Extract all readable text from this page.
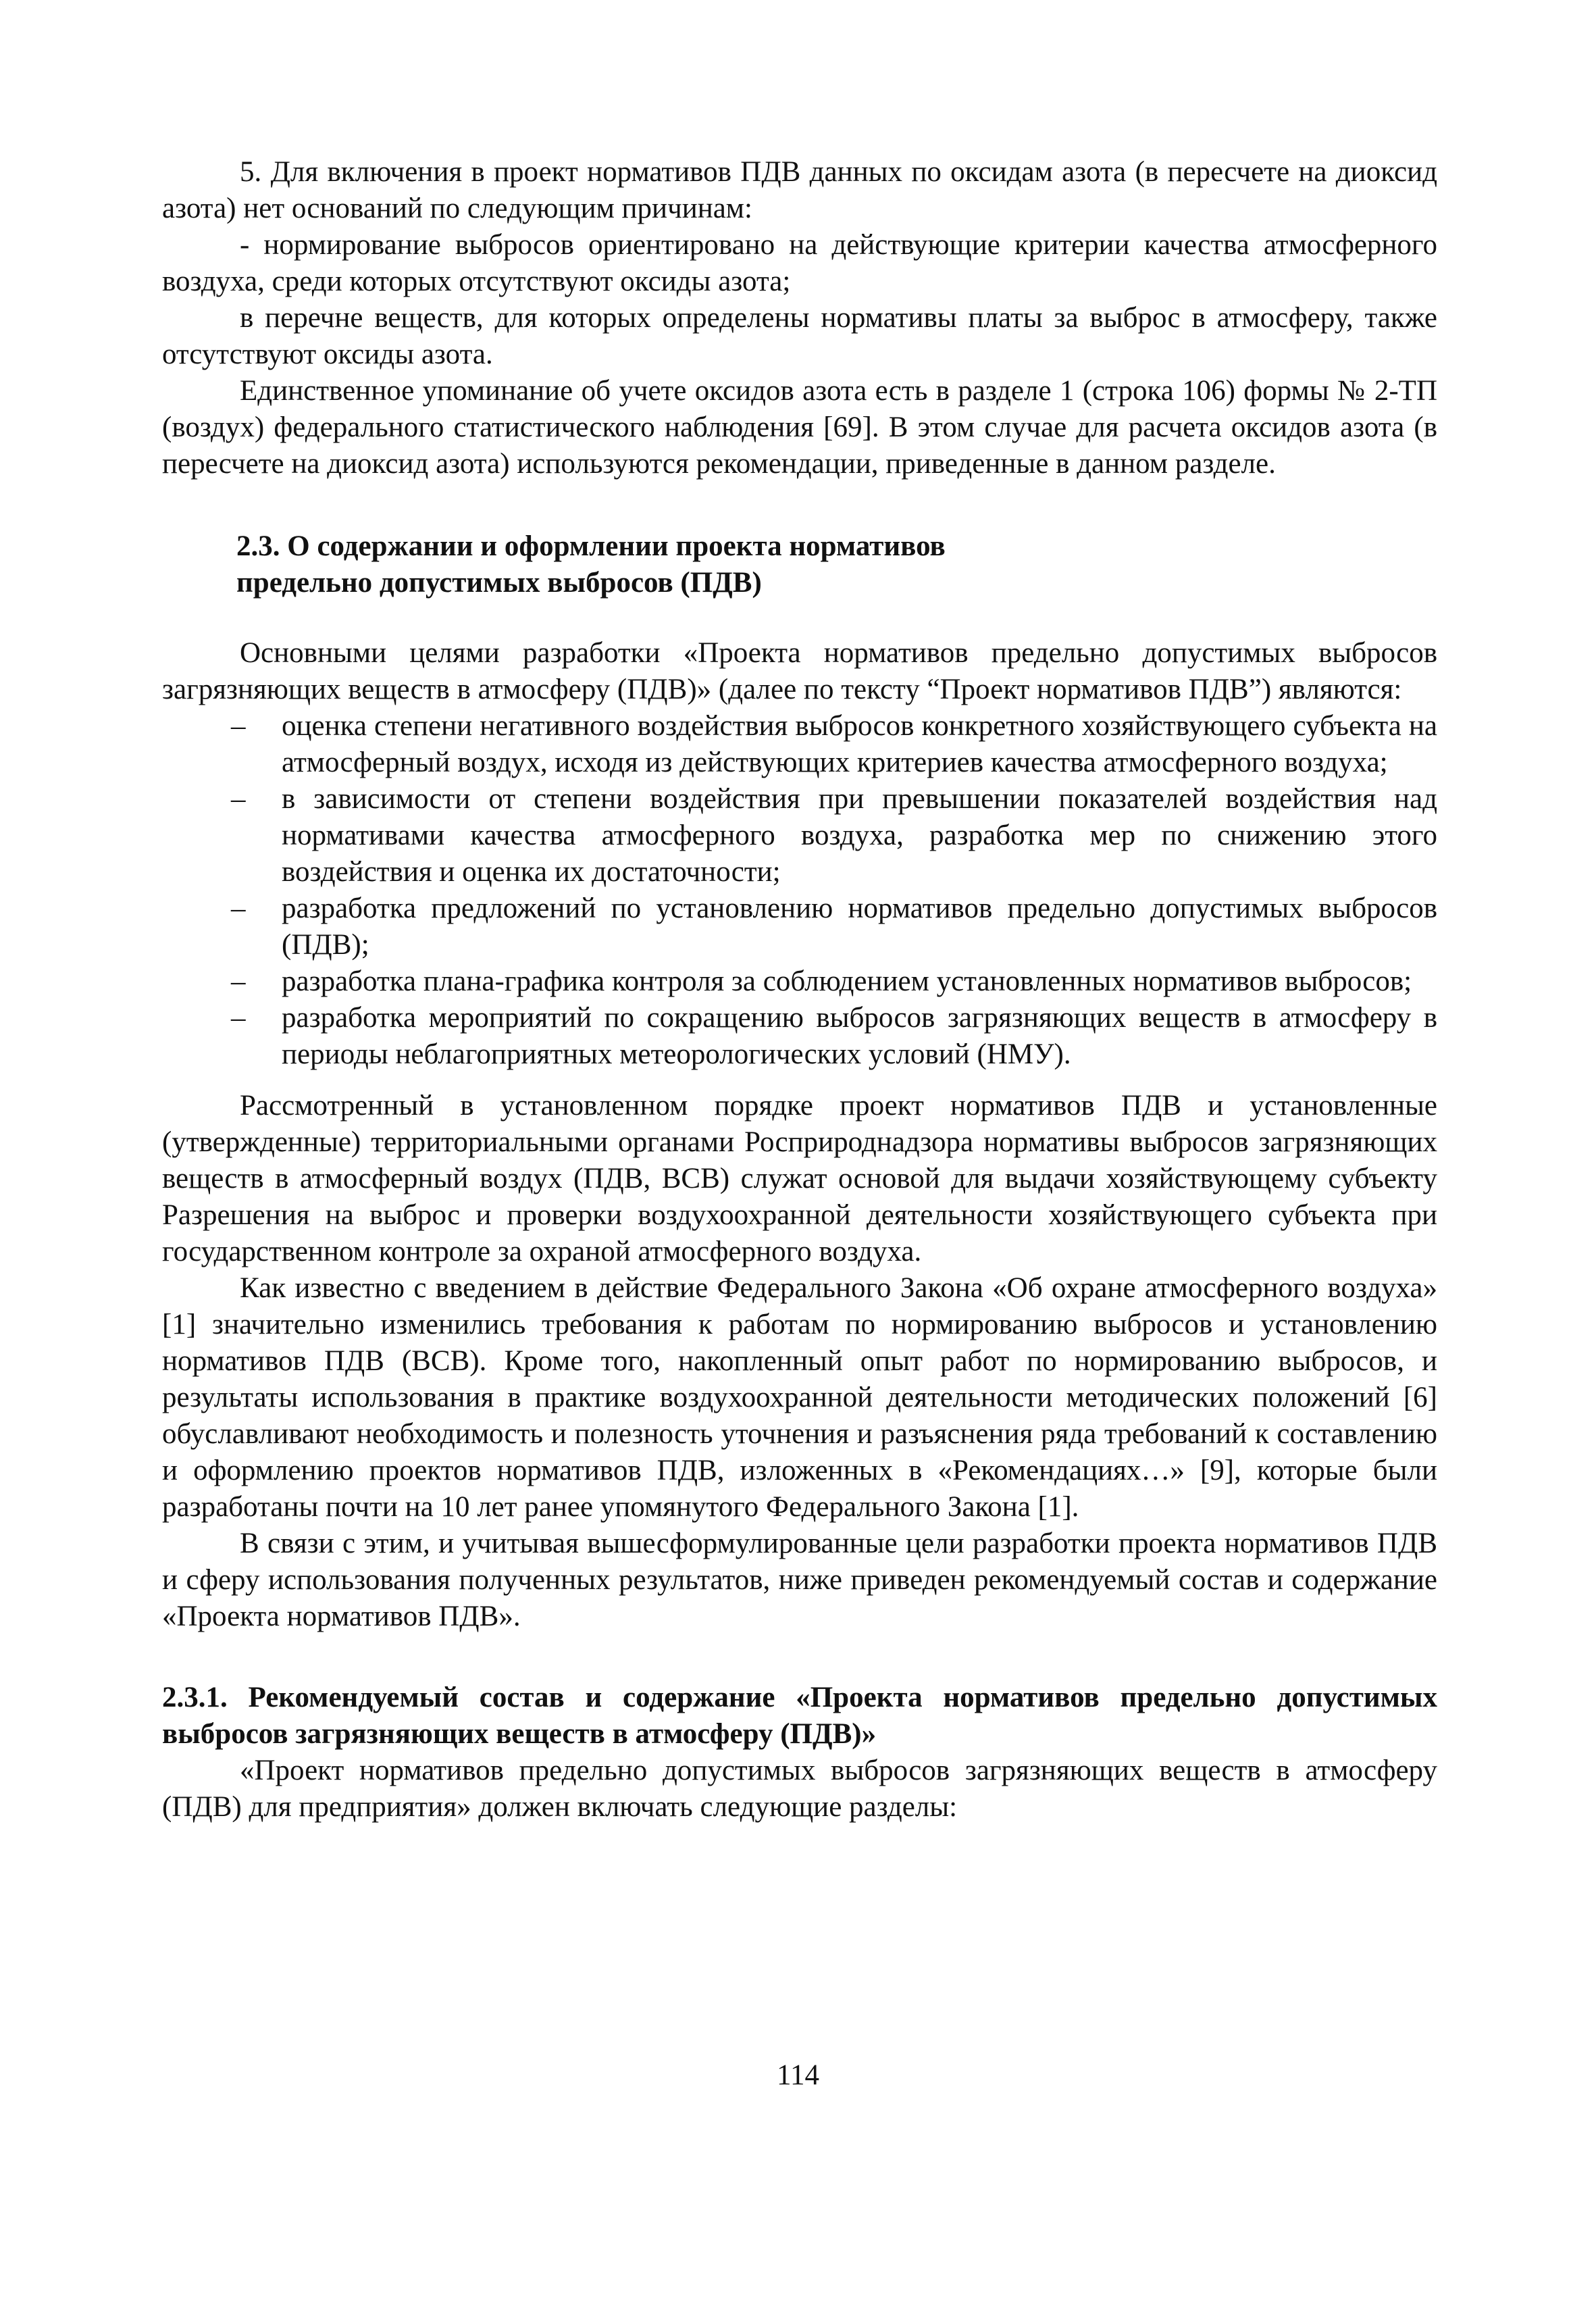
5. Для включения в проект нормативов ПДВ данных по оксидам азота (в пересчете на диоксид азота) нет оснований по следующим причинам:

- нормирование выбросов ориентировано на действующие критерии качества атмосферного воздуха, среди которых отсутствуют оксиды азота;

в перечне веществ, для которых определены нормативы платы за выброс в атмосферу, также отсутствуют оксиды азота.

Единственное упоминание об учете оксидов азота есть в разделе 1 (строка 106) формы № 2-ТП (воздух) федерального статистического наблюдения [69]. В этом случае для расчета оксидов азота (в пересчете на диоксид азота) используются рекомендации, приведенные в данном разделе.

2.3. О содержании и оформлении проекта нормативов
предельно допустимых выбросов (ПДВ)

Основными целями разработки «Проекта нормативов предельно допустимых выбросов загрязняющих веществ в атмосферу (ПДВ)» (далее по тексту “Проект нормативов ПДВ”) являются:

– оценка степени негативного воздействия выбросов конкретного хозяйствующего субъекта на атмосферный воздух, исходя из действующих критериев качества атмосферного воздуха;
– в зависимости от степени воздействия при превышении показателей воздействия над нормативами качества атмосферного воздуха, разработка мер по снижению этого воздействия и оценка их достаточности;
– разработка предложений по установлению нормативов предельно допустимых выбросов (ПДВ);
– разработка плана-графика контроля за соблюдением установленных нормативов выбросов;
– разработка мероприятий по сокращению выбросов загрязняющих веществ в атмосферу в периоды неблагоприятных метеорологических условий (НМУ).

Рассмотренный в установленном порядке проект нормативов ПДВ и установленные (утвержденные) территориальными органами Росприроднадзора нормативы выбросов загрязняющих веществ в атмосферный воздух (ПДВ, ВСВ) служат основой для выдачи хозяйствующему субъекту Разрешения на выброс и проверки воздухоохранной деятельности хозяйствующего субъекта при государственном контроле за охраной атмосферного воздуха.

Как известно с введением в действие Федерального Закона «Об охране атмосферного воздуха» [1] значительно изменились требования к работам по нормированию выбросов и установлению нормативов ПДВ (ВСВ). Кроме того, накопленный опыт работ по нормированию выбросов, и результаты использования в практике воздухоохранной деятельности методических положений [6] обуславливают необходимость и полезность уточнения и разъяснения ряда требований к составлению и оформлению проектов нормативов ПДВ, изложенных в «Рекомендациях…» [9], которые были разработаны почти на 10 лет ранее упомянутого Федерального Закона [1].

В связи с этим, и учитывая вышесформулированные цели разработки проекта нормативов ПДВ и сферу использования полученных результатов, ниже приведен рекомендуемый состав и содержание «Проекта нормативов ПДВ».

2.3.1. Рекомендуемый состав и содержание «Проекта нормативов предельно допустимых выбросов загрязняющих веществ в атмосферу (ПДВ)»

«Проект нормативов предельно допустимых выбросов загрязняющих веществ в атмосферу (ПДВ) для предприятия» должен включать следующие разделы:

114
